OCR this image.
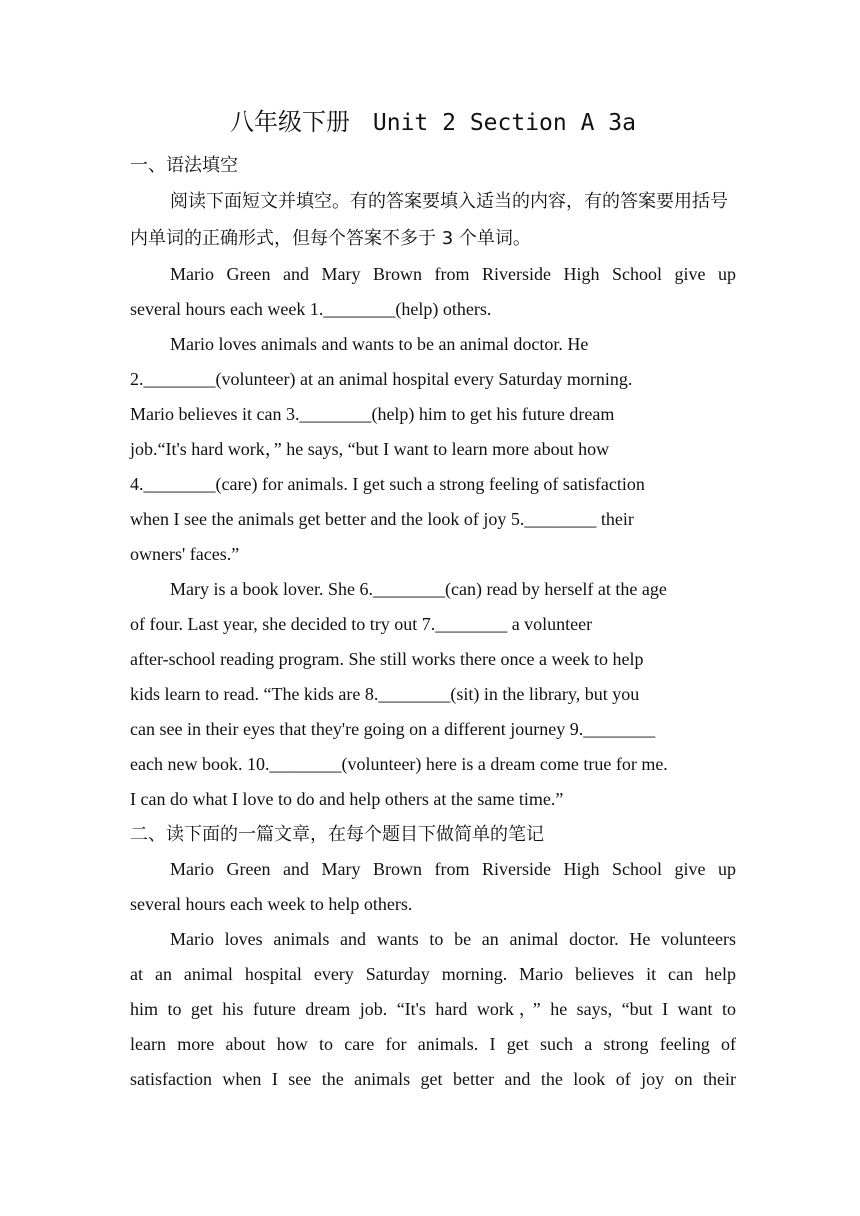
八年级下册 Unit 2 Section A 3a
一、语法填空

阅读下面短文并填空。有的答案要填入适当的内容，有的答案要用括号内单词的正确形式，但每个答案不多于 3 个单词。

Mario Green and Mary Brown from Riverside High School give up
several hours each week 1.________(help) others.
Mario loves animals and wants to be an animal doctor. He
2.________(volunteer) at an animal hospital every Saturday morning.
Mario believes it can 3.________(help) him to get his future dream
job.“It's hard work，” he says, “but I want to learn more about how
4.________(care) for animals. I get such a strong feeling of satisfaction
when I see the animals get better and the look of joy 5.________ their
owners' faces.”
Mary is a book lover. She 6.________(can) read by herself at the age
of four. Last year, she decided to try out 7.________ a volunteer
after-school reading program. She still works there once a week to help
kids learn to read. “The kids are 8.________(sit) in the library, but you
can see in their eyes that they're going on a different journey 9.________
each new book. 10.________(volunteer) here is a dream come true for me.
I can do what I love to do and help others at the same time.”
二、读下面的一篇文章，在每个题目下做简单的笔记
Mario Green and Mary Brown from Riverside High School give up
several hours each week to help others.
Mario loves animals and wants to be an animal doctor. He volunteers
at an animal hospital every Saturday morning. Mario believes it can help
him to get his future dream job. “It's hard work，” he says, “but I want to
learn more about how to care for animals. I get such a strong feeling of
satisfaction when I see the animals get better and the look of joy on their
